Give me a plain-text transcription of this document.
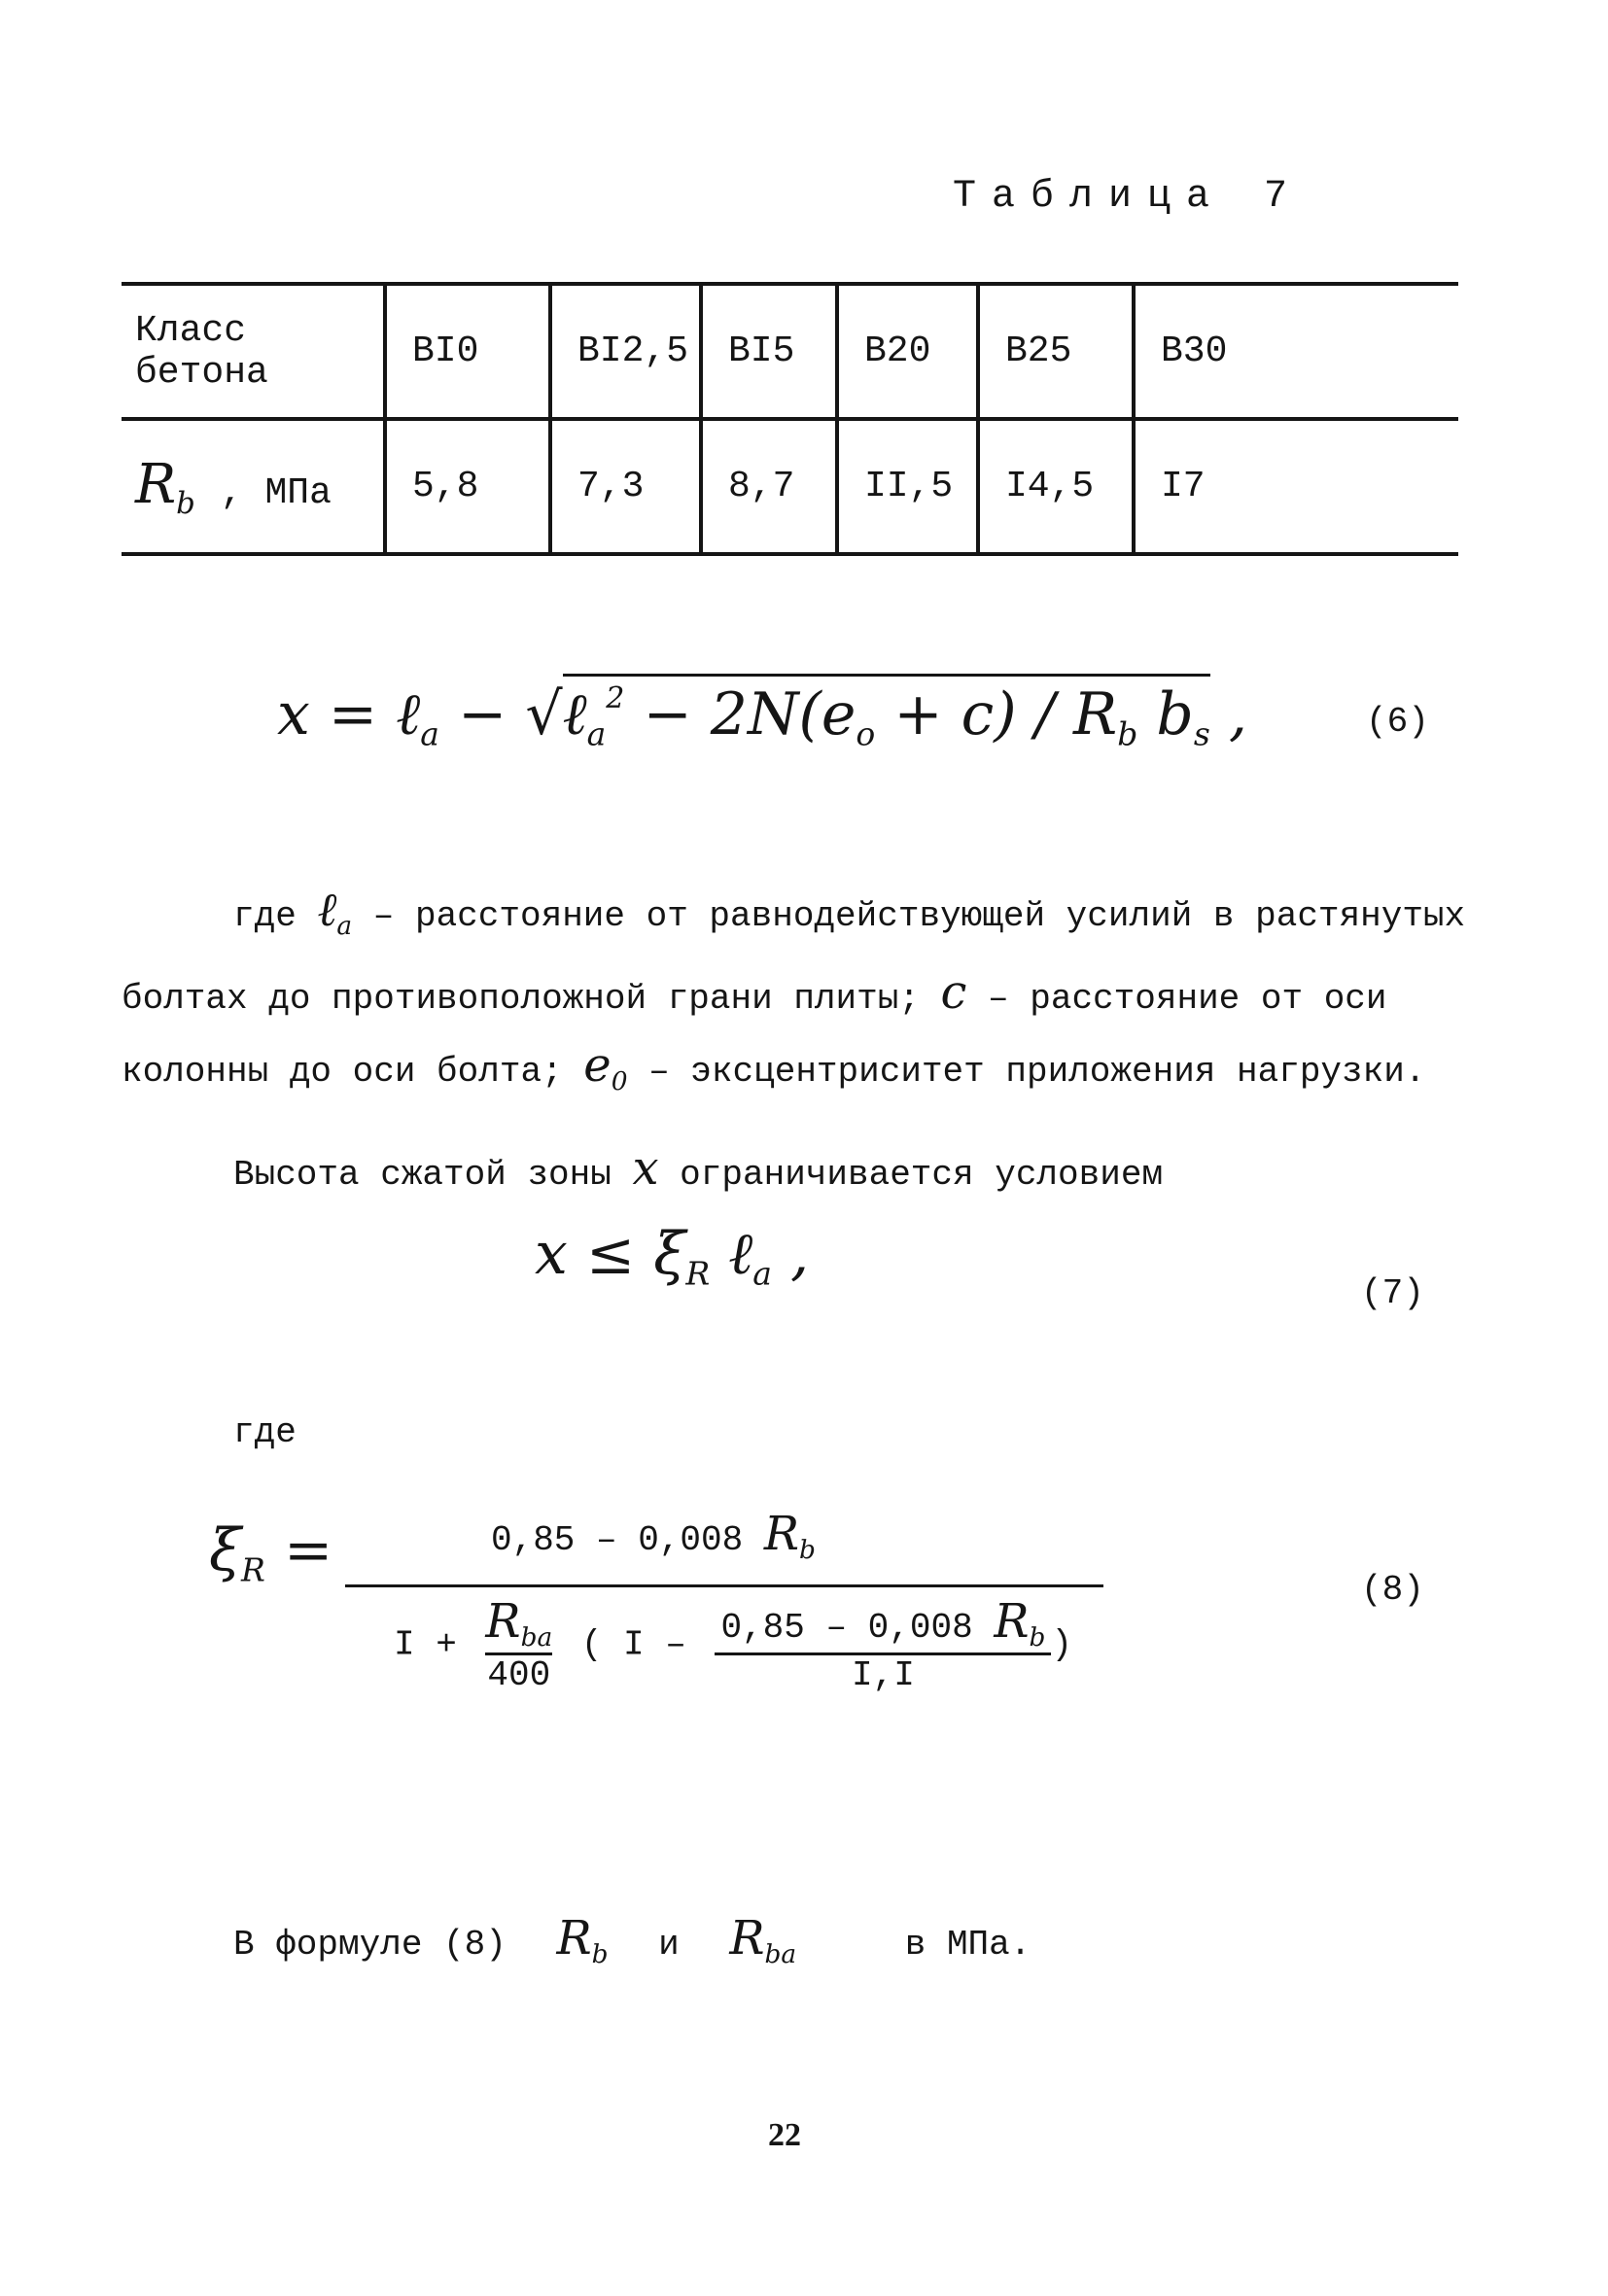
Таблица 7
Класс бетона	BI0	BI2,5	BI5	B20	B25	B30
$R_b$ , МПа	5,8	7,3	8,7	II,5	I4,5	I7
x = ℓ$_a$ − √ℓ$_a^2$ − $2N(e_o + c) / R_b$ $b_s$ ,	(6)
где ℓ$_a$ – расстояние от равнодействующей усилий в растянутых болтах до противоположной грани плиты; c – расстояние от оси колонны до оси болта; $e_0$ – эксцентриситет приложения нагрузки.
Высота сжатой зоны x ограничивается условием
$x \le \xi_R$ ℓ$_a$ ,
(7)
где
$\xi_R$ =	0,85 – 0,008 $R_b$
$I + R_{ba}$
400
( I – $\frac{0,85 - 0,008 R_b}{I,I}$ )
(8)
В формуле (8) $R_b$ и $R_{ba}$	в МПа.
22
